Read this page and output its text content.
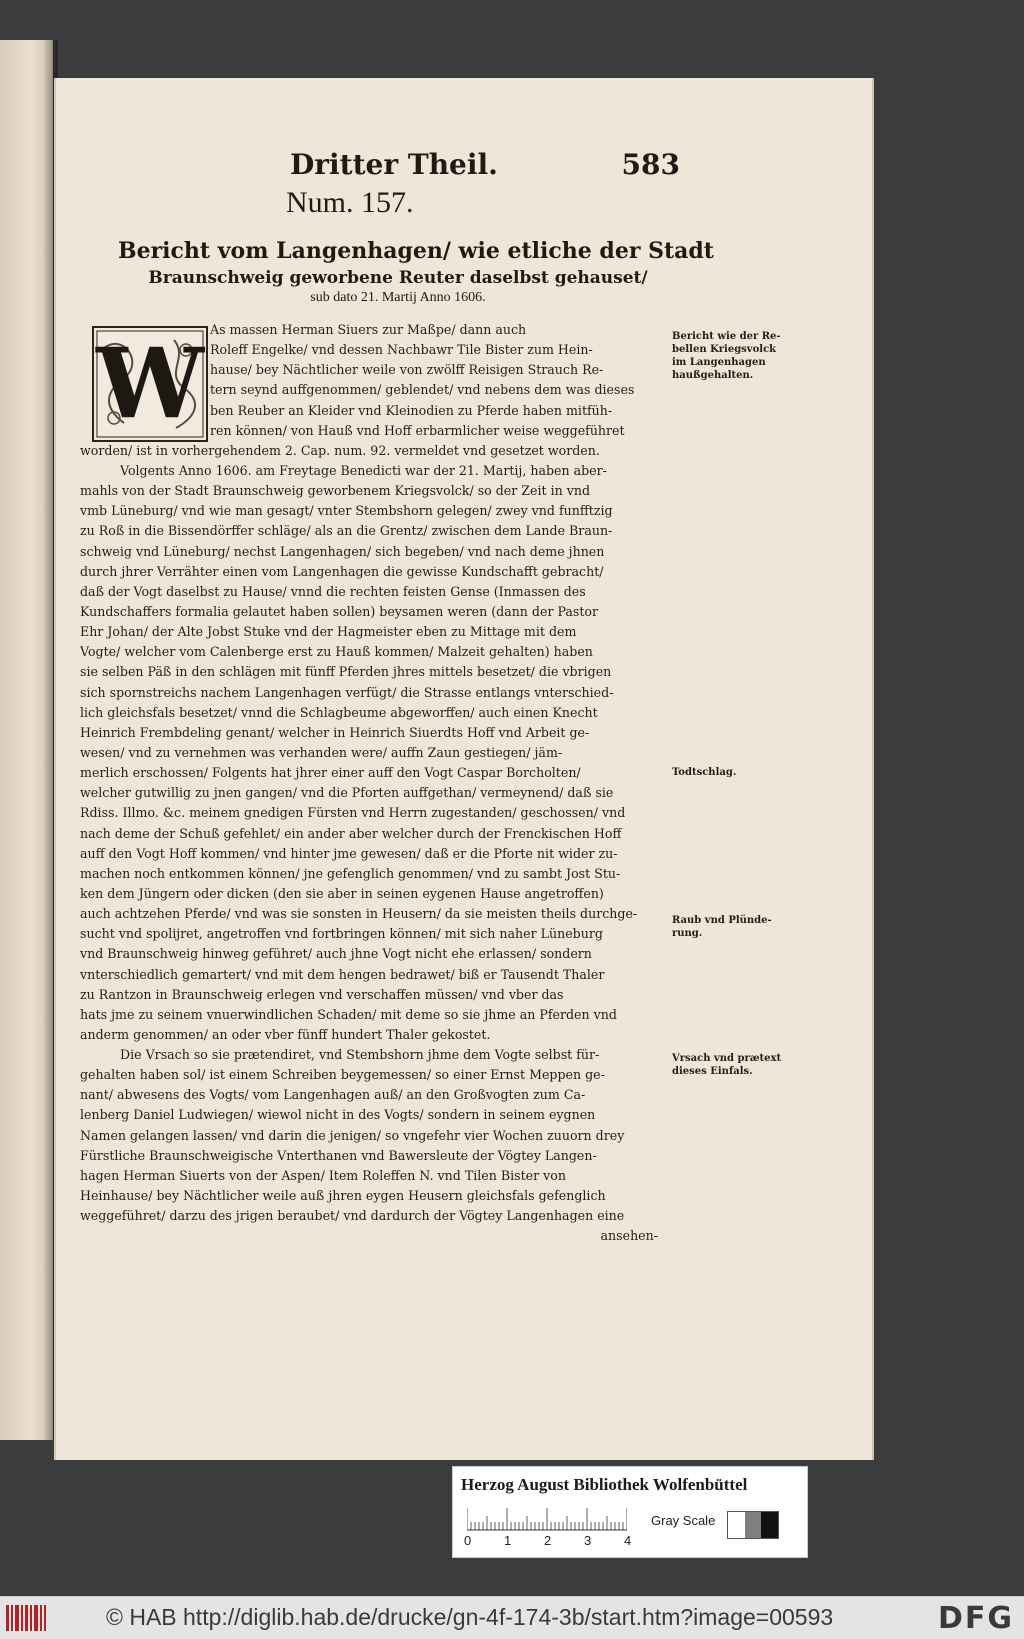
Dritter Theil.	583
Num. 157.
Bericht vom Langenhagen/ wie etliche der Stadt
Braunschweig geworbene Reuter daselbst gehauset/
sub dato 21. Martij Anno 1606.
W As massen Herman Siuers zur Maßpe/ dann auch
Roleff Engelke/ vnd dessen Nachbawr Tile Bister zum Hein-
hause/ bey Nächtlicher weile von zwölff Reisigen Strauch Re-
tern seynd auffgenommen/ geblendet/ vnd nebens dem was dieses
ben Reuber an Kleider vnd Kleinodien zu Pferde haben mitfüh-
ren können/ von Hauß vnd Hoff erbarmlicher weise weggeführet
worden/ ist in vorhergehendem 2. Cap. num. 92. vermeldet vnd gesetzet worden.
Volgents Anno 1606. am Freytage Benedicti war der 21. Martij, haben aber-
mahls von der Stadt Braunschweig geworbenem Kriegsvolck/ so der Zeit in vnd
vmb Lüneburg/ vnd wie man gesagt/ vnter Stembshorn gelegen/ zwey vnd funfftzig
zu Roß in die Bissendörffer schläge/ als an die Grentz/ zwischen dem Lande Braun-
schweig vnd Lüneburg/ nechst Langenhagen/ sich begeben/ vnd nach deme jhnen
durch jhrer Verrähter einen vom Langenhagen die gewisse Kundschafft gebracht/
daß der Vogt daselbst zu Hause/ vnnd die rechten feisten Gense (Inmassen des
Kundschaffers formalia gelautet haben sollen) beysamen weren (dann der Pastor
Ehr Johan/ der Alte Jobst Stuke vnd der Hagmeister eben zu Mittage mit dem
Vogte/ welcher vom Calenberge erst zu Hauß kommen/ Malzeit gehalten) haben
sie selben Päß in den schlägen mit fünff Pferden jhres mittels besetzet/ die vbrigen
sich spornstreichs nachem Langenhagen verfügt/ die Strasse entlangs vnterschied-
lich gleichsfals besetzet/ vnnd die Schlagbeume abgeworffen/ auch einen Knecht
Heinrich Frembdeling genant/ welcher in Heinrich Siuerdts Hoff vnd Arbeit ge-
wesen/ vnd zu vernehmen was verhanden were/ auffn Zaun gestiegen/ jäm-
merlich erschossen/ Folgents hat jhrer einer auff den Vogt Caspar Borcholten/
welcher gutwillig zu jnen gangen/ vnd die Pforten auffgethan/ vermeynend/ daß sie
Rdiss. Illmo. &c. meinem gnedigen Fürsten vnd Herrn zugestanden/ geschossen/ vnd
nach deme der Schuß gefehlet/ ein ander aber welcher durch der Frenckischen Hoff
auff den Vogt Hoff kommen/ vnd hinter jme gewesen/ daß er die Pforte nit wider zu-
machen noch entkommen können/ jne gefenglich genommen/ vnd zu sambt Jost Stu-
ken dem Jüngern oder dicken (den sie aber in seinen eygenen Hause angetroffen)
auch achtzehen Pferde/ vnd was sie sonsten in Heusern/ da sie meisten theils durchge-
sucht vnd spolijret, angetroffen vnd fortbringen können/ mit sich naher Lüneburg
vnd Braunschweig hinweg geführet/ auch jhne Vogt nicht ehe erlassen/ sondern
vnterschiedlich gemartert/ vnd mit dem hengen bedrawet/ biß er Tausendt Thaler
zu Rantzon in Braunschweig erlegen vnd verschaffen müssen/ vnd vber das
hats jme zu seinem vnuerwindlichen Schaden/ mit deme so sie jhme an Pferden vnd
anderm genommen/ an oder vber fünff hundert Thaler gekostet.
Die Vrsach so sie prætendiret, vnd Stembshorn jhme dem Vogte selbst für-
gehalten haben sol/ ist einem Schreiben beygemessen/ so einer Ernst Meppen ge-
nant/ abwesens des Vogts/ vom Langenhagen auß/ an den Großvogten zum Ca-
lenberg Daniel Ludwiegen/ wiewol nicht in des Vogts/ sondern in seinem eygnen
Namen gelangen lassen/ vnd darin die jenigen/ so vngefehr vier Wochen zuuorn drey
Fürstliche Braunschweigische Vnterthanen vnd Bawersleute der Vögtey Langen-
hagen Herman Siuerts von der Aspen/ Item Roleffen N. vnd Tilen Bister von
Heinhause/ bey Nächtlicher weile auß jhren eygen Heusern gleichsfals gefenglich
weggeführet/ darzu des jrigen beraubet/ vnd dardurch der Vögtey Langenhagen eine
ansehen-
Bericht wie der Re-
bellen Kriegsvolck
im Langenhagen
haußgehalten.
Todtschlag.
Raub vnd Plünde-
rung.
Vrsach vnd prætext
dieses Einfals.
Herzog August Bibliothek Wolfenbüttel
0	1	2	3	4
Gray Scale
© HAB http://diglib.hab.de/drucke/gn-4f-174-3b/start.htm?image=00593	DFG
